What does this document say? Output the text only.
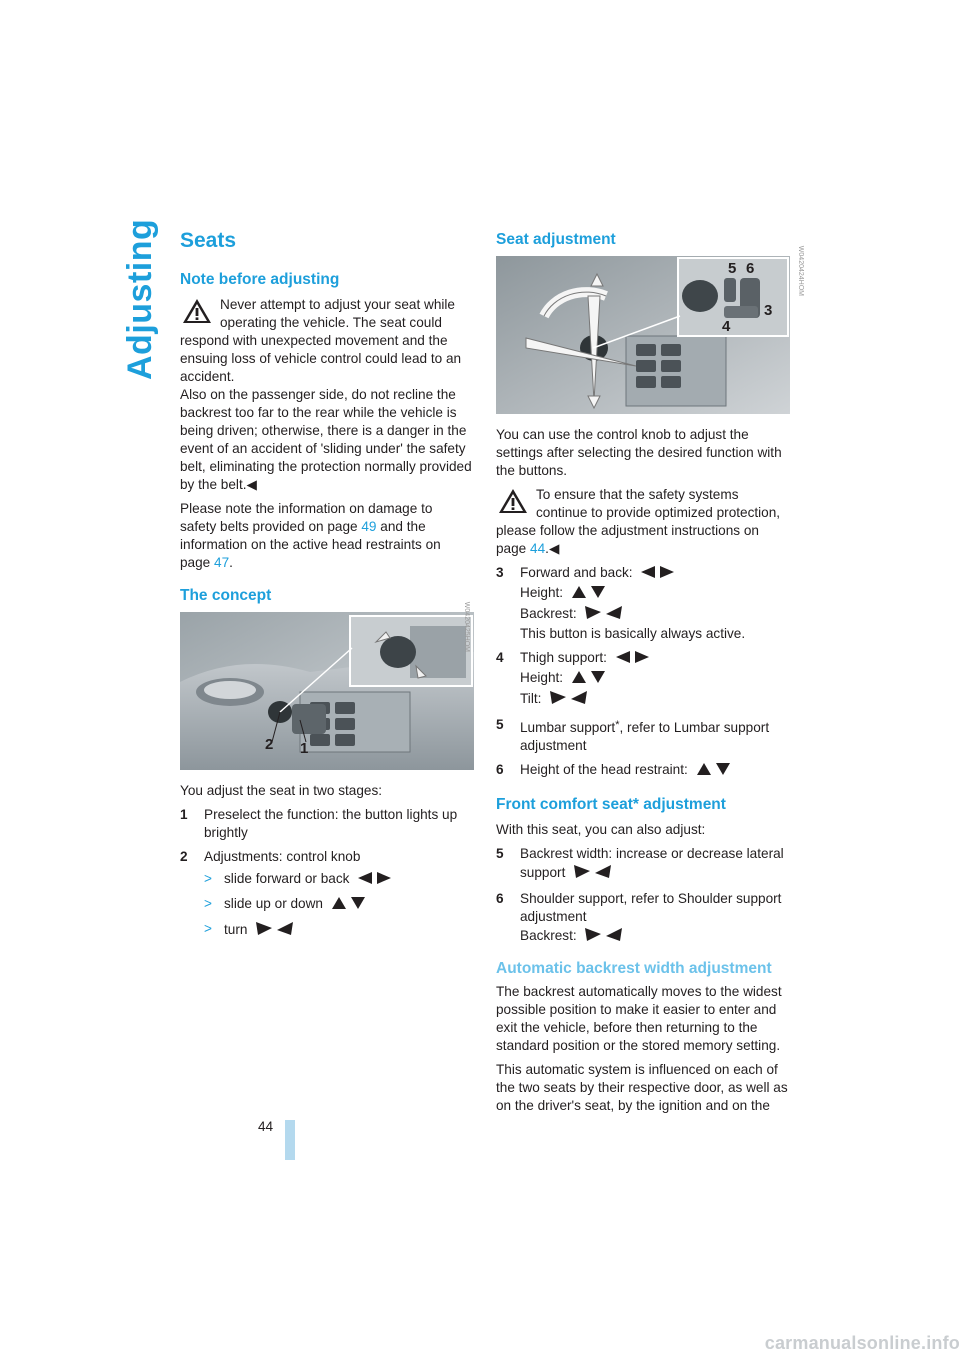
Adjusting Seats
Note before adjusting
Never attempt to adjust your seat while operating the vehicle. The seat could respond with unexpected movement and the ensuing loss of vehicle control could lead to an accident.
Also on the passenger side, do not recline the backrest too far to the rear while the vehicle is being driven; otherwise, there is a danger in the event of an accident of 'sliding under' the safety belt, eliminating the protection normally provided by the belt.◀

Please note the information on damage to safety belts provided on page 49 and the information on the active head restraints on page 47.

The concept
2 1
W0420425HOM

You adjust the seat in two stages:

1 Preselect the function: the button lights up brightly
2 Adjustments: control knob
> slide forward or back
> slide up or down
> turn
Seat adjustment
5 6
3
4
W0420424HOM

You can use the control knob to adjust the settings after selecting the desired function with the buttons.

To ensure that the safety systems continue to provide optimized protection, please follow the adjustment instructions on page 44.◀
3 Forward and back:
Height:
Backrest:
This button is basically always active.
4 Thigh support:
Height:
Tilt:
5 Lumbar support*, refer to Lumbar support adjustment
6 Height of the head restraint:
Front comfort seat* adjustment

With this seat, you can also adjust:

5 Backrest width: increase or decrease lateral support
6 Shoulder support, refer to Shoulder support adjustment
Backrest:
Automatic backrest width adjustment

The backrest automatically moves to the widest possible position to make it easier to enter and exit the vehicle, before then returning to the standard position or the stored memory setting.

This automatic system is influenced on each of the two seats by their respective door, as well as on the driver's seat, by the ignition and on the

44
carmanualsonline.info
